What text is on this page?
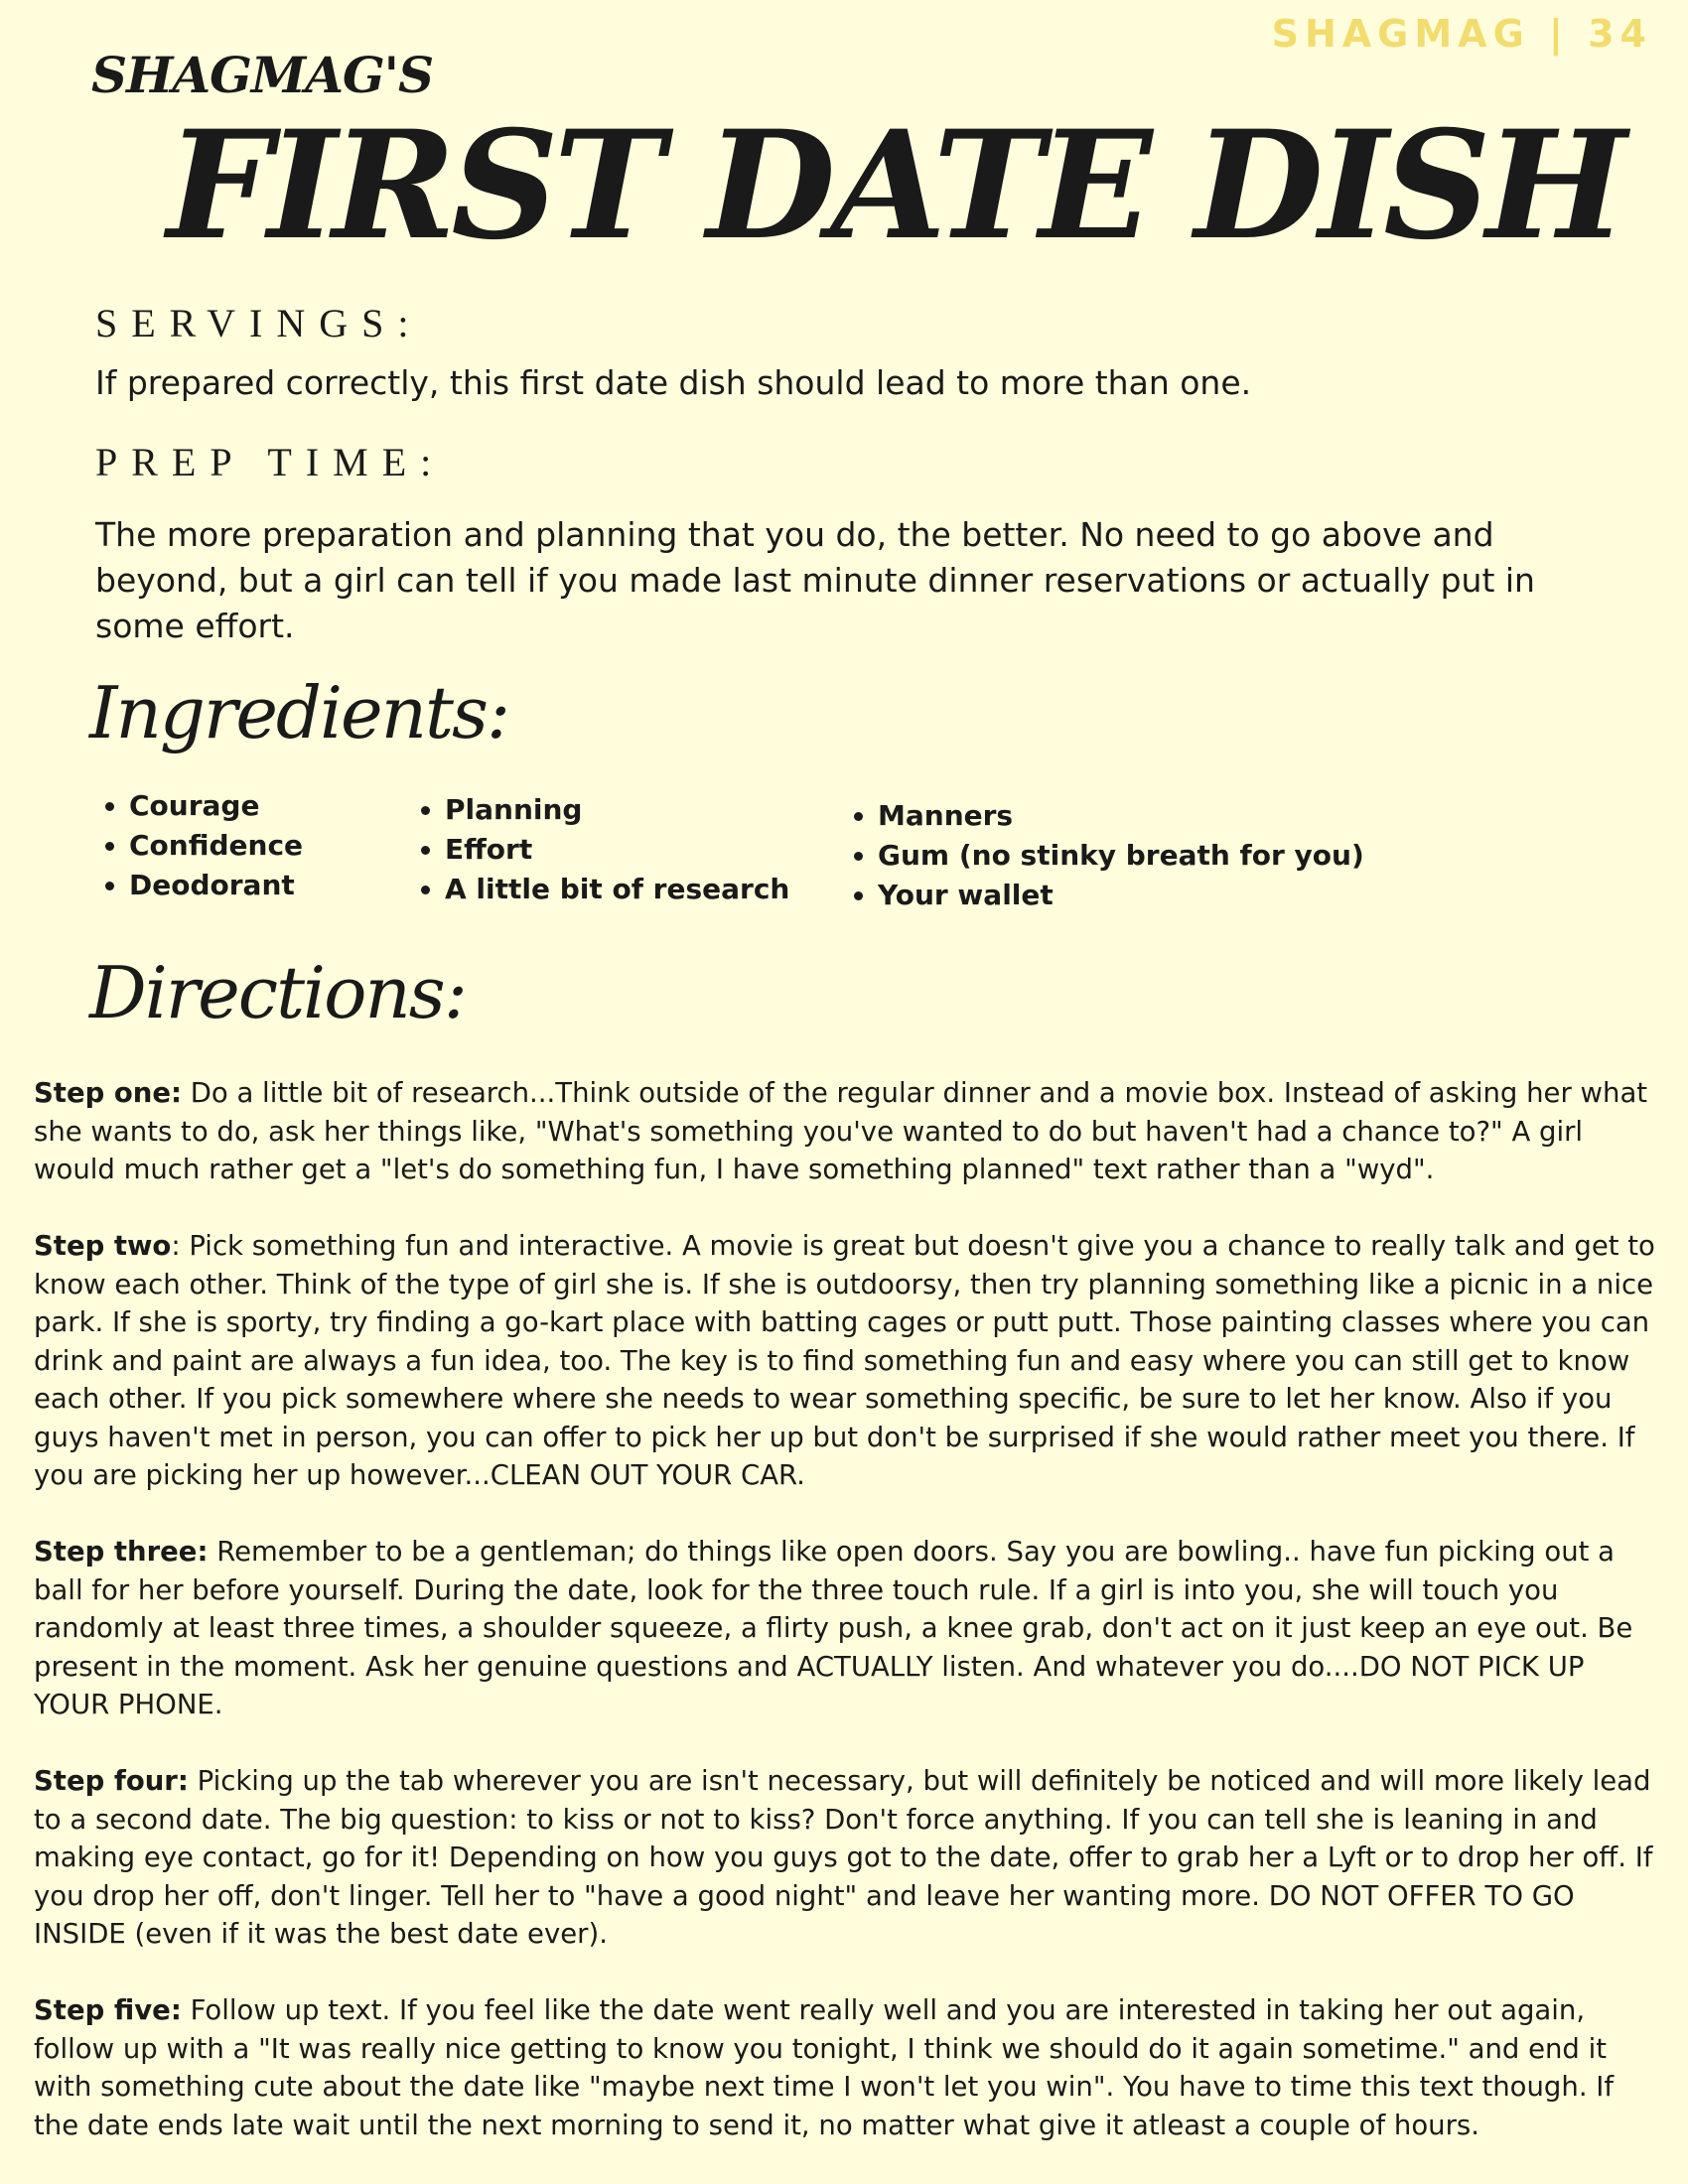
SHAGMAG | 34
SHAGMAG'S
FIRST DATE DISH
SERVINGS:
If prepared correctly, this first date dish should lead to more than one.
PREP TIME:
The more preparation and planning that you do, the better. No need to go above and beyond, but a girl can tell if you made last minute dinner reservations or actually put in some effort.
Ingredients:
• Courage
• Confidence
• Deodorant
• Planning
• Effort
• A little bit of research
• Manners
• Gum (no stinky breath for you)
• Your wallet
Directions:

Step one: Do a little bit of research...Think outside of the regular dinner and a movie box. Instead of asking her what she wants to do, ask her things like, "What's something you've wanted to do but haven't had a chance to?" A girl would much rather get a "let's do something fun, I have something planned" text rather than a "wyd".

Step two: Pick something fun and interactive. A movie is great but doesn't give you a chance to really talk and get to know each other. Think of the type of girl she is. If she is outdoorsy, then try planning something like a picnic in a nice park. If she is sporty, try finding a go-kart place with batting cages or putt putt. Those painting classes where you can drink and paint are always a fun idea, too. The key is to find something fun and easy where you can still get to know each other. If you pick somewhere where she needs to wear something specific, be sure to let her know. Also if you guys haven't met in person, you can offer to pick her up but don't be surprised if she would rather meet you there. If you are picking her up however...CLEAN OUT YOUR CAR.

Step three: Remember to be a gentleman; do things like open doors. Say you are bowling.. have fun picking out a ball for her before yourself. During the date, look for the three touch rule. If a girl is into you, she will touch you randomly at least three times, a shoulder squeeze, a flirty push, a knee grab, don't act on it just keep an eye out. Be present in the moment. Ask her genuine questions and ACTUALLY listen. And whatever you do....DO NOT PICK UP YOUR PHONE.

Step four: Picking up the tab wherever you are isn't necessary, but will definitely be noticed and will more likely lead to a second date. The big question: to kiss or not to kiss? Don't force anything. If you can tell she is leaning in and making eye contact, go for it! Depending on how you guys got to the date, offer to grab her a Lyft or to drop her off. If you drop her off, don't linger. Tell her to "have a good night" and leave her wanting more. DO NOT OFFER TO GO INSIDE (even if it was the best date ever).

Step five: Follow up text. If you feel like the date went really well and you are interested in taking her out again, follow up with a "It was really nice getting to know you tonight, I think we should do it again sometime." and end it with something cute about the date like "maybe next time I won't let you win". You have to time this text though. If the date ends late wait until the next morning to send it, no matter what give it atleast a couple of hours.
